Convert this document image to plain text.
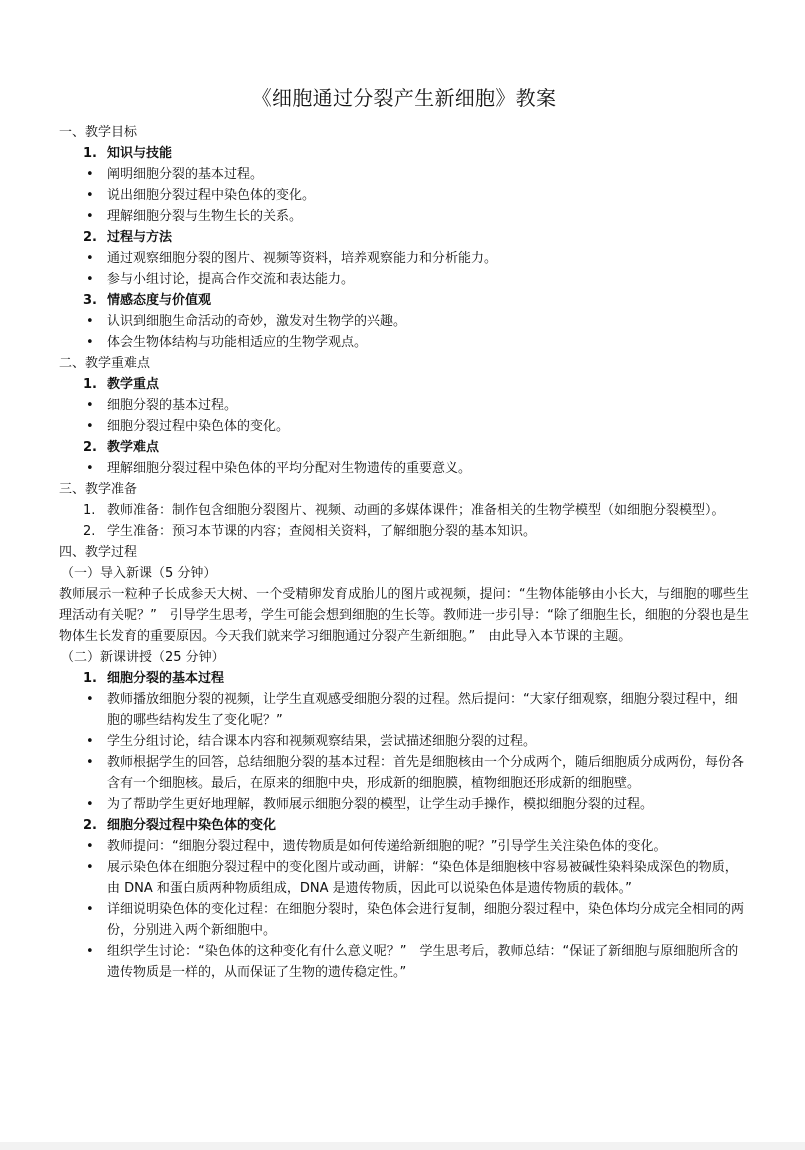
《细胞通过分裂产生新细胞》教案

一、教学目标

1. 知识与技能
•	阐明细胞分裂的基本过程。
•	说出细胞分裂过程中染色体的变化。
•	理解细胞分裂与生物生长的关系。
2. 过程与方法
•	通过观察细胞分裂的图片、视频等资料，培养观察能力和分析能力。
•	参与小组讨论，提高合作交流和表达能力。
3. 情感态度与价值观
•	认识到细胞生命活动的奇妙，激发对生物学的兴趣。
•	体会生物体结构与功能相适应的生物学观点。

二、教学重难点

1. 教学重点
•	细胞分裂的基本过程。
•	细胞分裂过程中染色体的变化。
2. 教学难点
•	理解细胞分裂过程中染色体的平均分配对生物遗传的重要意义。

三、教学准备

1. 教师准备：制作包含细胞分裂图片、视频、动画的多媒体课件；准备相关的生物学模型（如细胞分裂模型）。
2. 学生准备：预习本节课的内容；查阅相关资料，了解细胞分裂的基本知识。

四、教学过程

（一）导入新课（5 分钟）

教师展示一粒种子长成参天大树、一个受精卵发育成胎儿的图片或视频，提问：“生物体能够由小长大，与细胞的哪些生理活动有关呢？”　引导学生思考，学生可能会想到细胞的生长等。教师进一步引导：“除了细胞生长，细胞的分裂也是生物体生长发育的重要原因。今天我们就来学习细胞通过分裂产生新细胞。”　由此导入本节课的主题。

（二）新课讲授（25 分钟）

1. 细胞分裂的基本过程
•	教师播放细胞分裂的视频，让学生直观感受细胞分裂的过程。然后提问：“大家仔细观察，细胞分裂过程中，细胞的哪些结构发生了变化呢？”
•	学生分组讨论，结合课本内容和视频观察结果，尝试描述细胞分裂的过程。
•	教师根据学生的回答，总结细胞分裂的基本过程：首先是细胞核由一个分成两个，随后细胞质分成两份，每份各含有一个细胞核。最后，在原来的细胞中央，形成新的细胞膜，植物细胞还形成新的细胞壁。
•	为了帮助学生更好地理解，教师展示细胞分裂的模型，让学生动手操作，模拟细胞分裂的过程。
2. 细胞分裂过程中染色体的变化
•	教师提问：“细胞分裂过程中，遗传物质是如何传递给新细胞的呢？”引导学生关注染色体的变化。
•	展示染色体在细胞分裂过程中的变化图片或动画，讲解：“染色体是细胞核中容易被碱性染料染成深色的物质，由 DNA 和蛋白质两种物质组成，DNA 是遗传物质，因此可以说染色体是遗传物质的载体。”
•	详细说明染色体的变化过程：在细胞分裂时，染色体会进行复制，细胞分裂过程中，染色体均分成完全相同的两份，分别进入两个新细胞中。
•	组织学生讨论：“染色体的这种变化有什么意义呢？”　学生思考后，教师总结：“保证了新细胞与原细胞所含的遗传物质是一样的，从而保证了生物的遗传稳定性。”
